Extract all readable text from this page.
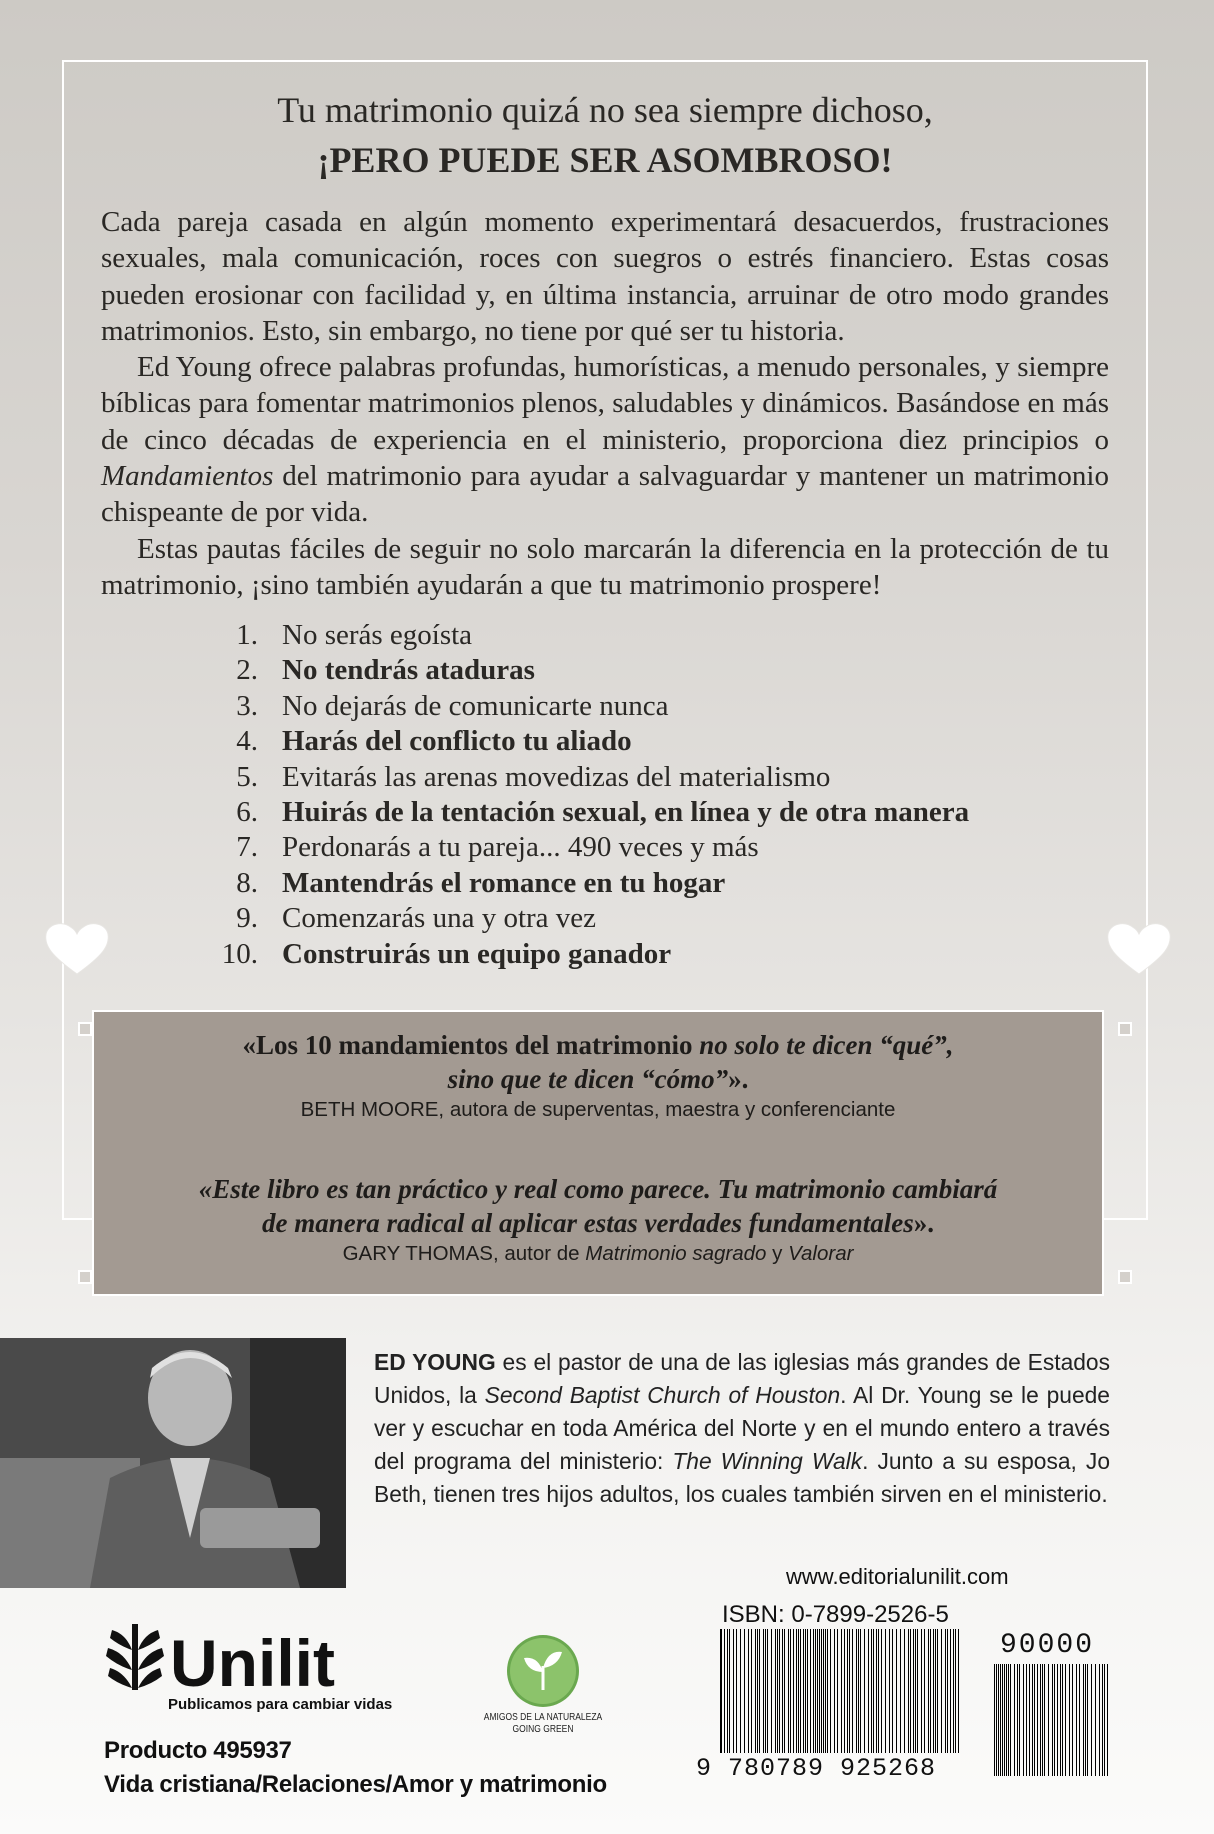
Tu matrimonio quizá no sea siempre dichoso,
¡PERO PUEDE SER ASOMBROSO!

Cada pareja casada en algún momento experimentará desacuerdos, frustraciones sexuales, mala comunicación, roces con suegros o estrés financiero. Estas cosas pueden erosionar con facilidad y, en última instancia, arruinar de otro modo grandes matrimonios. Esto, sin embargo, no tiene por qué ser tu historia.

Ed Young ofrece palabras profundas, humorísticas, a menudo personales, y siempre bíblicas para fomentar matrimonios plenos, saludables y dinámicos. Basándose en más de cinco décadas de experiencia en el ministerio, proporciona diez principios o Mandamientos del matrimonio para ayudar a salvaguardar y mantener un matrimonio chispeante de por vida.

Estas pautas fáciles de seguir no solo marcarán la diferencia en la protección de tu matrimonio, ¡sino también ayudarán a que tu matrimonio prospere!

1. No serás egoísta
2. No tendrás ataduras
3. No dejarás de comunicarte nunca
4. Harás del conflicto tu aliado
5. Evitarás las arenas movedizas del materialismo
6. Huirás de la tentación sexual, en línea y de otra manera
7. Perdonarás a tu pareja... 490 veces y más
8. Mantendrás el romance en tu hogar
9. Comenzarás una y otra vez
10. Construirás un equipo ganador
«Los 10 mandamientos del matrimonio no solo te dicen “qué”,
sino que te dicen “cómo”».
BETH MOORE, autora de superventas, maestra y conferenciante
«Este libro es tan práctico y real como parece. Tu matrimonio cambiará
de manera radical al aplicar estas verdades fundamentales».
GARY THOMAS, autor de Matrimonio sagrado y Valorar
ED YOUNG es el pastor de una de las iglesias más grandes de Estados Unidos, la Second Baptist Church of Houston. Al Dr. Young se le puede ver y escuchar en toda América del Norte y en el mundo entero a través del programa del ministerio: The Winning Walk. Junto a su esposa, Jo Beth, tienen tres hijos adultos, los cuales también sirven en el ministerio.
www.editorialunilit.com
ISBN: 0-7899-2526-5
90000
9 780789 925268
Unilit
Publicamos para cambiar vidas
AMIGOS DE LA NATURALEZA
GOING GREEN
Producto 495937
Vida cristiana/Relaciones/Amor y matrimonio
